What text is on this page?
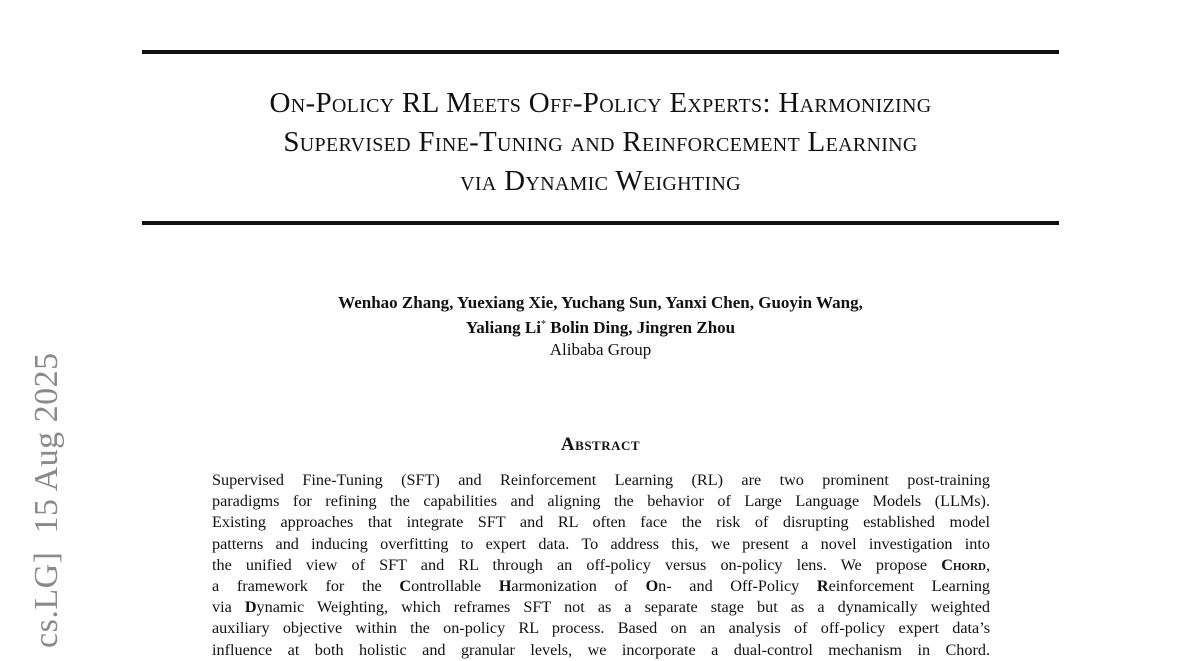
On-Policy RL Meets Off-Policy Experts: Harmonizing
Supervised Fine-Tuning and Reinforcement Learning
via Dynamic Weighting
Wenhao Zhang, Yuexiang Xie, Yuchang Sun, Yanxi Chen, Guoyin Wang,
Yaliang Li* Bolin Ding, Jingren Zhou
Alibaba Group
Abstract
Supervised Fine-Tuning (SFT) and Reinforcement Learning (RL) are two prominent post-training
paradigms for refining the capabilities and aligning the behavior of Large Language Models (LLMs).
Existing approaches that integrate SFT and RL often face the risk of disrupting established model
patterns and inducing overfitting to expert data. To address this, we present a novel investigation into
the unified view of SFT and RL through an off-policy versus on-policy lens. We propose Chord,
a framework for the Controllable Harmonization of On- and Off-Policy Reinforcement Learning
via Dynamic Weighting, which reframes SFT not as a separate stage but as a dynamically weighted
auxiliary objective within the on-policy RL process. Based on an analysis of off-policy expert data’s
influence at both holistic and granular levels, we incorporate a dual-control mechanism in Chord.
cs.LG]  15 Aug 2025
